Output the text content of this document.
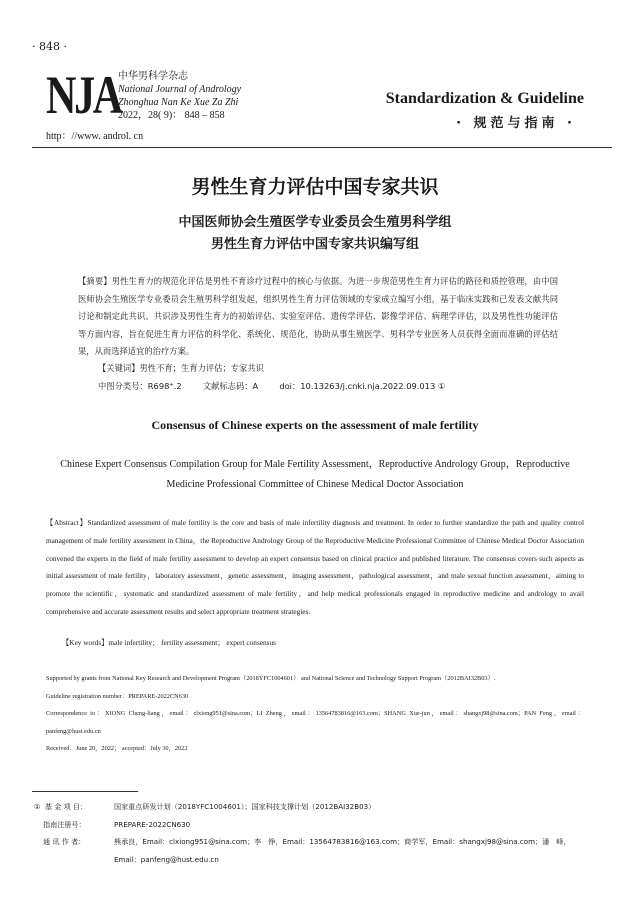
· 848 ·
NJA
中华男科学杂志
National Journal of Andrology
Zhonghua Nan Ke Xue Za Zhi
2022，28( 9)： 848 – 858
http：//www. androl. cn
Standardization & Guideline
· 规范与指南 ·
男性生育力评估中国专家共识
中国医师协会生殖医学专业委员会生殖男科学组
男性生育力评估中国专家共识编写组
【摘要】男性生育力的规范化评估是男性不育诊疗过程中的核心与依据。为进一步规范男性生育力评估的路径和质控管理，由中国医师协会生殖医学专业委员会生殖男科学组发起，组织男性生育力评估领域的专家成立编写小组，基于临床实践和已发表文献共同讨论和制定此共识。共识涉及男性生育力的初始评估、实验室评估、遗传学评估、影像学评估、病理学评估，以及男性性功能评估等方面内容，旨在促进生育力评估的科学化、系统化、规范化，协助从事生殖医学、男科学专业医务人员获得全面而准确的评估结果，从而选择适宜的治疗方案。
【关键词】男性不育；生育力评估；专家共识
中图分类号：R698⁺.2        文献标志码：A        doi：10.13263/j.cnki.nja.2022.09.013 ①
Consensus of Chinese experts on the assessment of male fertility
Chinese Expert Consensus Compilation Group for Male Fertility Assessment，Reproductive Andrology Group，Reproductive Medicine Professional Committee of Chinese Medical Doctor Association
【Abstract】Standardized assessment of male fertility is the core and basis of male infertility diagnosis and treatment. In order to further standardize the path and quality control management of male fertility assessment in China，the Reproductive Andrology Group of the Reproductive Medicine Professional Committee of Chinese Medical Doctor Association convened the experts in the field of male fertility assessment to develop an expert consensus based on clinical practice and published literature. The consensus covers such aspects as initial assessment of male fertility，laboratory assessment，genetic assessment，imaging assessment，pathological assessment，and male sexual function assessment，aiming to promote the scientific，systematic and standardized assessment of male fertility，and help medical professionals engaged in reproductive medicine and andrology to avail comprehensive and accurate assessment results and select appropriate treatment strategies.
【Key words】male infertility； fertility assessment； expert consensus
Supported by grants from National Key Research and Development Program（2018YFC1004601） and National Science and Technology Support Program（2012BAI32B03）.
Guideline registration number：PREPARE-2022CN630
Correspondence to：XIONG Cheng-liang，email：clxiong951@sina.com；LI Zheng，email：13564783816@163.com；SHANG Xue-jun，email：shangxj98@sina.com；PAN Feng，email：panfeng@hust.edu.cn
Received：June 20，2022； accepted：July 30，2022
①  基 金 项 目：	国家重点研发计划（2018YFC1004601）；国家科技支撑计划（2012BAI32B03）
指南注册号：	PREPARE-2022CN630
通 讯 作 者：	熊承良，Email：clxiong951@sina.com；李　铮，Email：13564783816@163.com；商学军，Email：shangxj98@sina.com；潘　峰，
Email：panfeng@hust.edu.cn
